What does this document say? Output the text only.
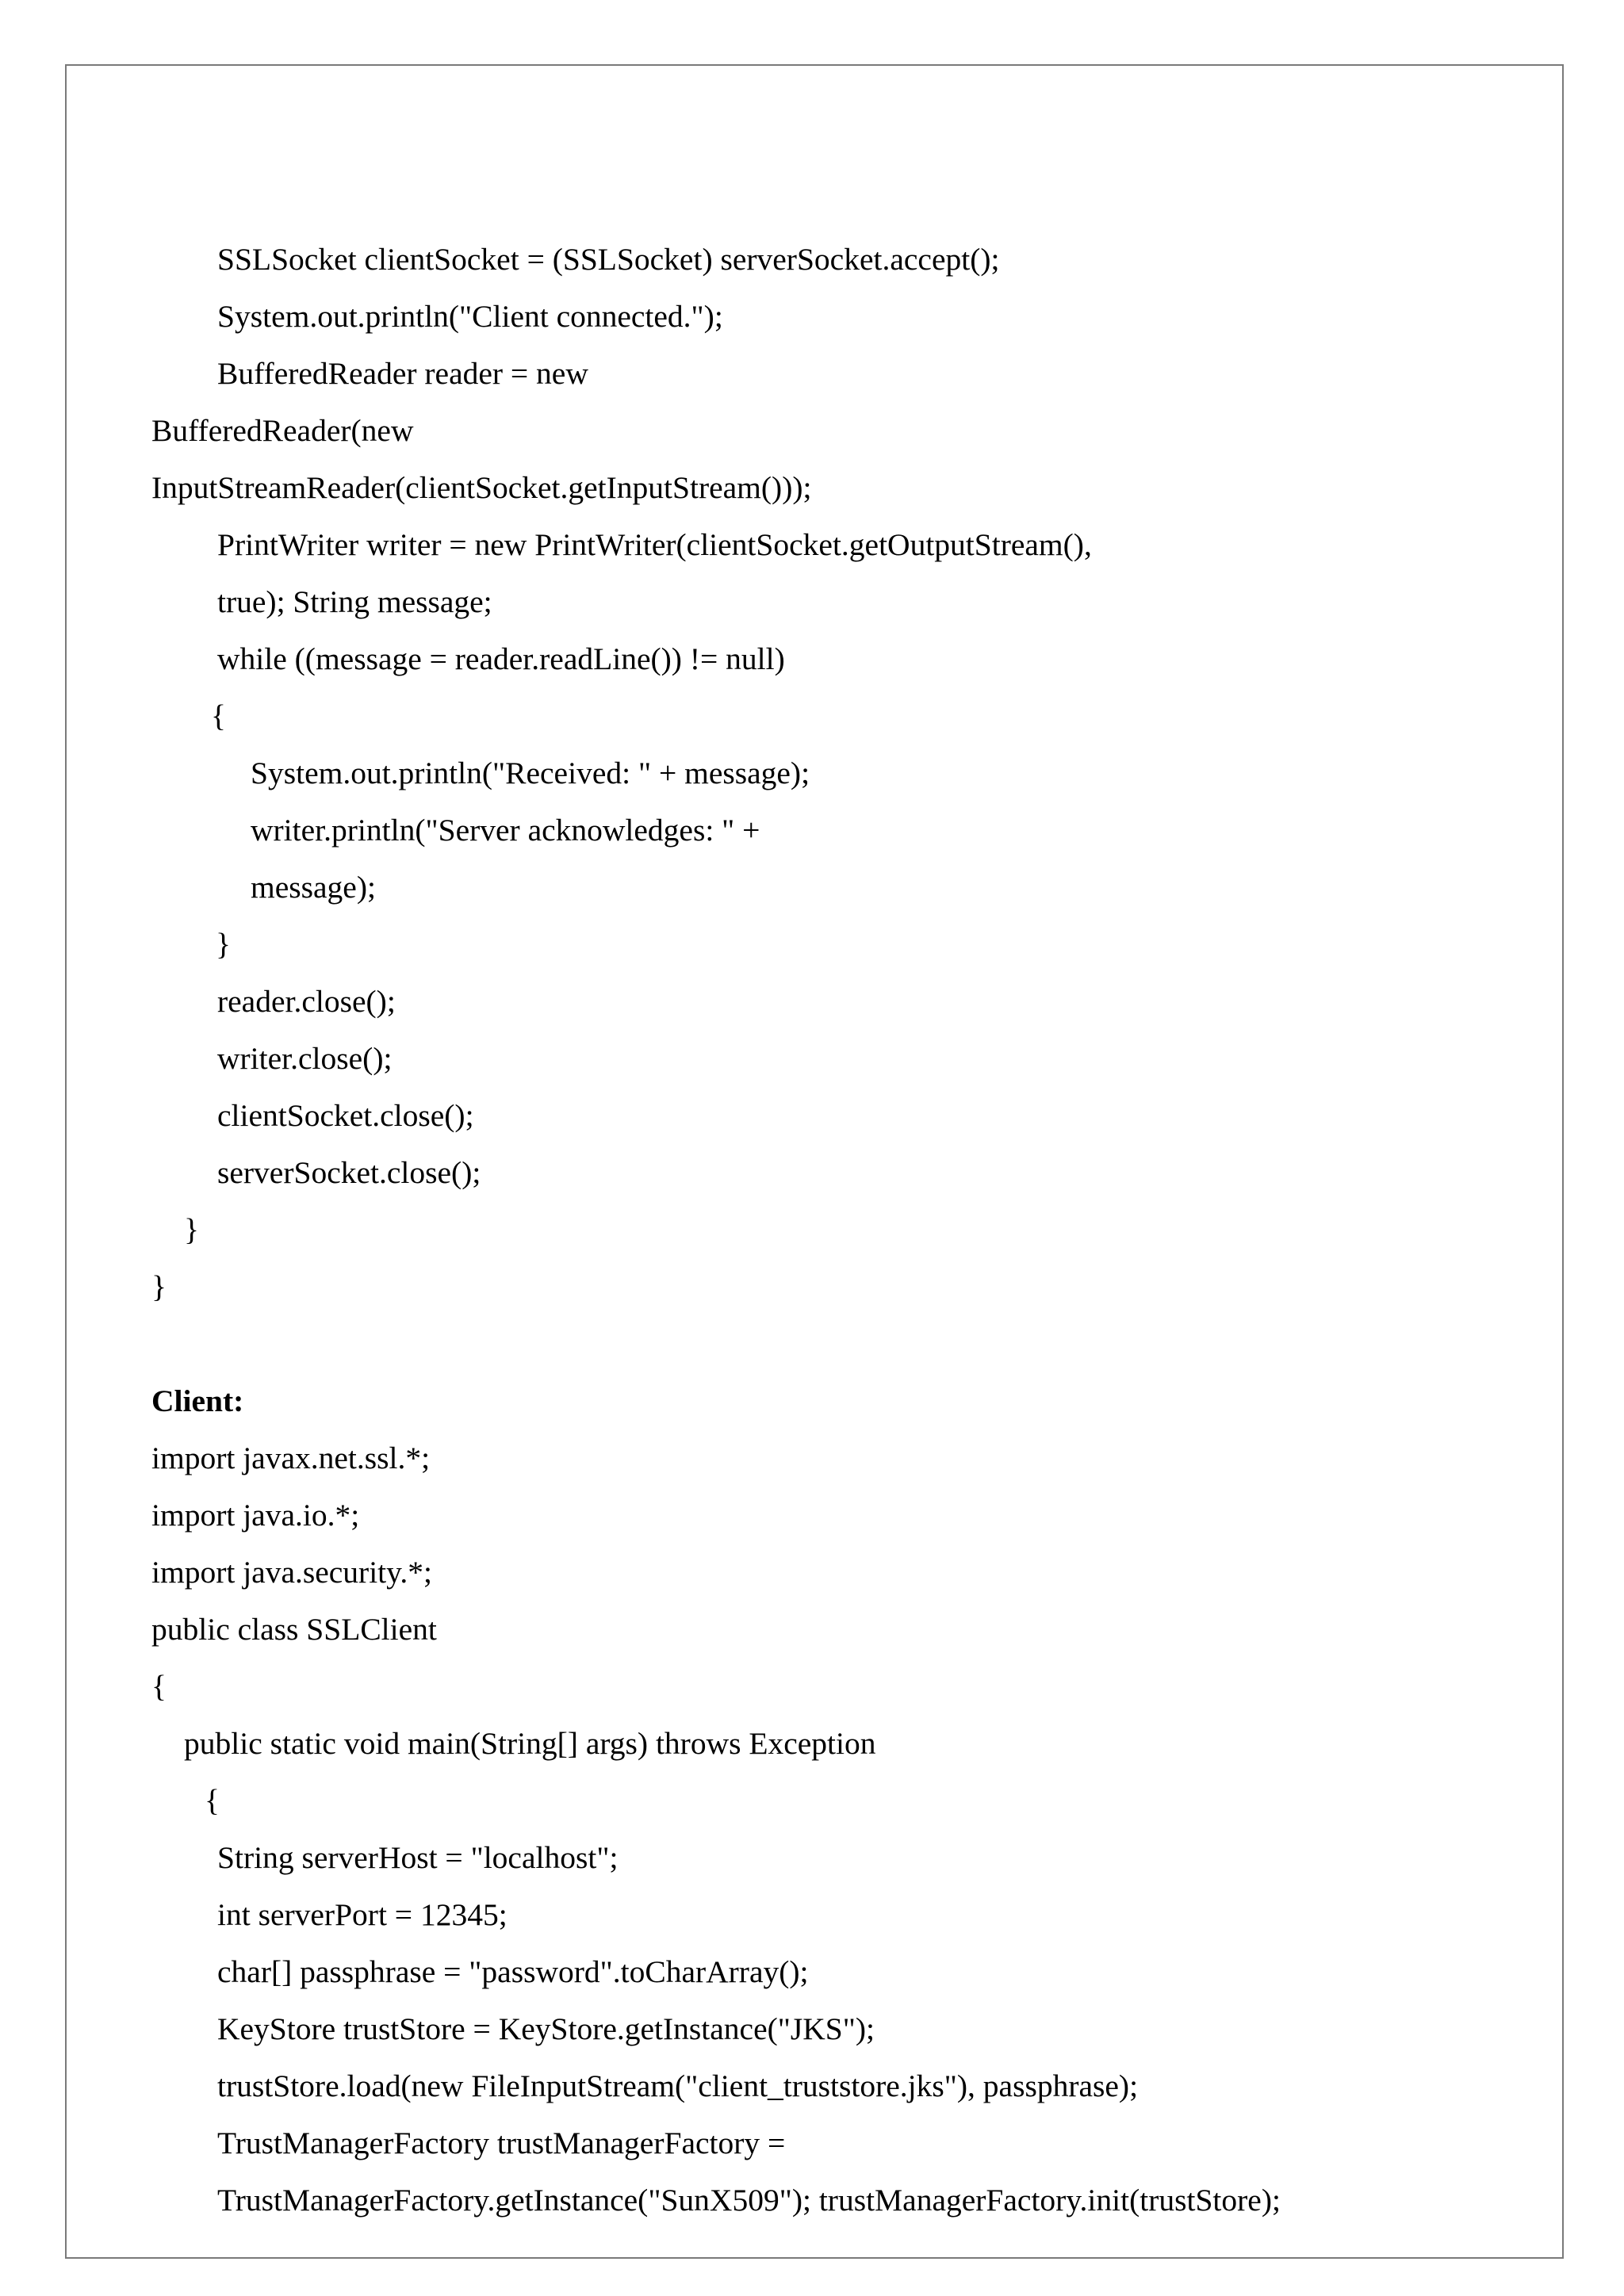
SSLSocket clientSocket = (SSLSocket) serverSocket.accept();
System.out.println("Client connected.");
BufferedReader reader = new
BufferedReader(new
InputStreamReader(clientSocket.getInputStream()));
PrintWriter writer = new PrintWriter(clientSocket.getOutputStream(),
true); String message;
while ((message = reader.readLine()) != null)
{
System.out.println("Received: " + message);
writer.println("Server acknowledges: " +
message);
}
reader.close();
writer.close();
clientSocket.close();
serverSocket.close();
}
}
Client:
import javax.net.ssl.*;
import java.io.*;
import java.security.*;
public class SSLClient
{
public static void main(String[] args) throws Exception
{
String serverHost = "localhost";
int serverPort = 12345;
char[] passphrase = "password".toCharArray();
KeyStore trustStore = KeyStore.getInstance("JKS");
trustStore.load(new FileInputStream("client_truststore.jks"), passphrase);
TrustManagerFactory trustManagerFactory =
TrustManagerFactory.getInstance("SunX509"); trustManagerFactory.init(trustStore);
